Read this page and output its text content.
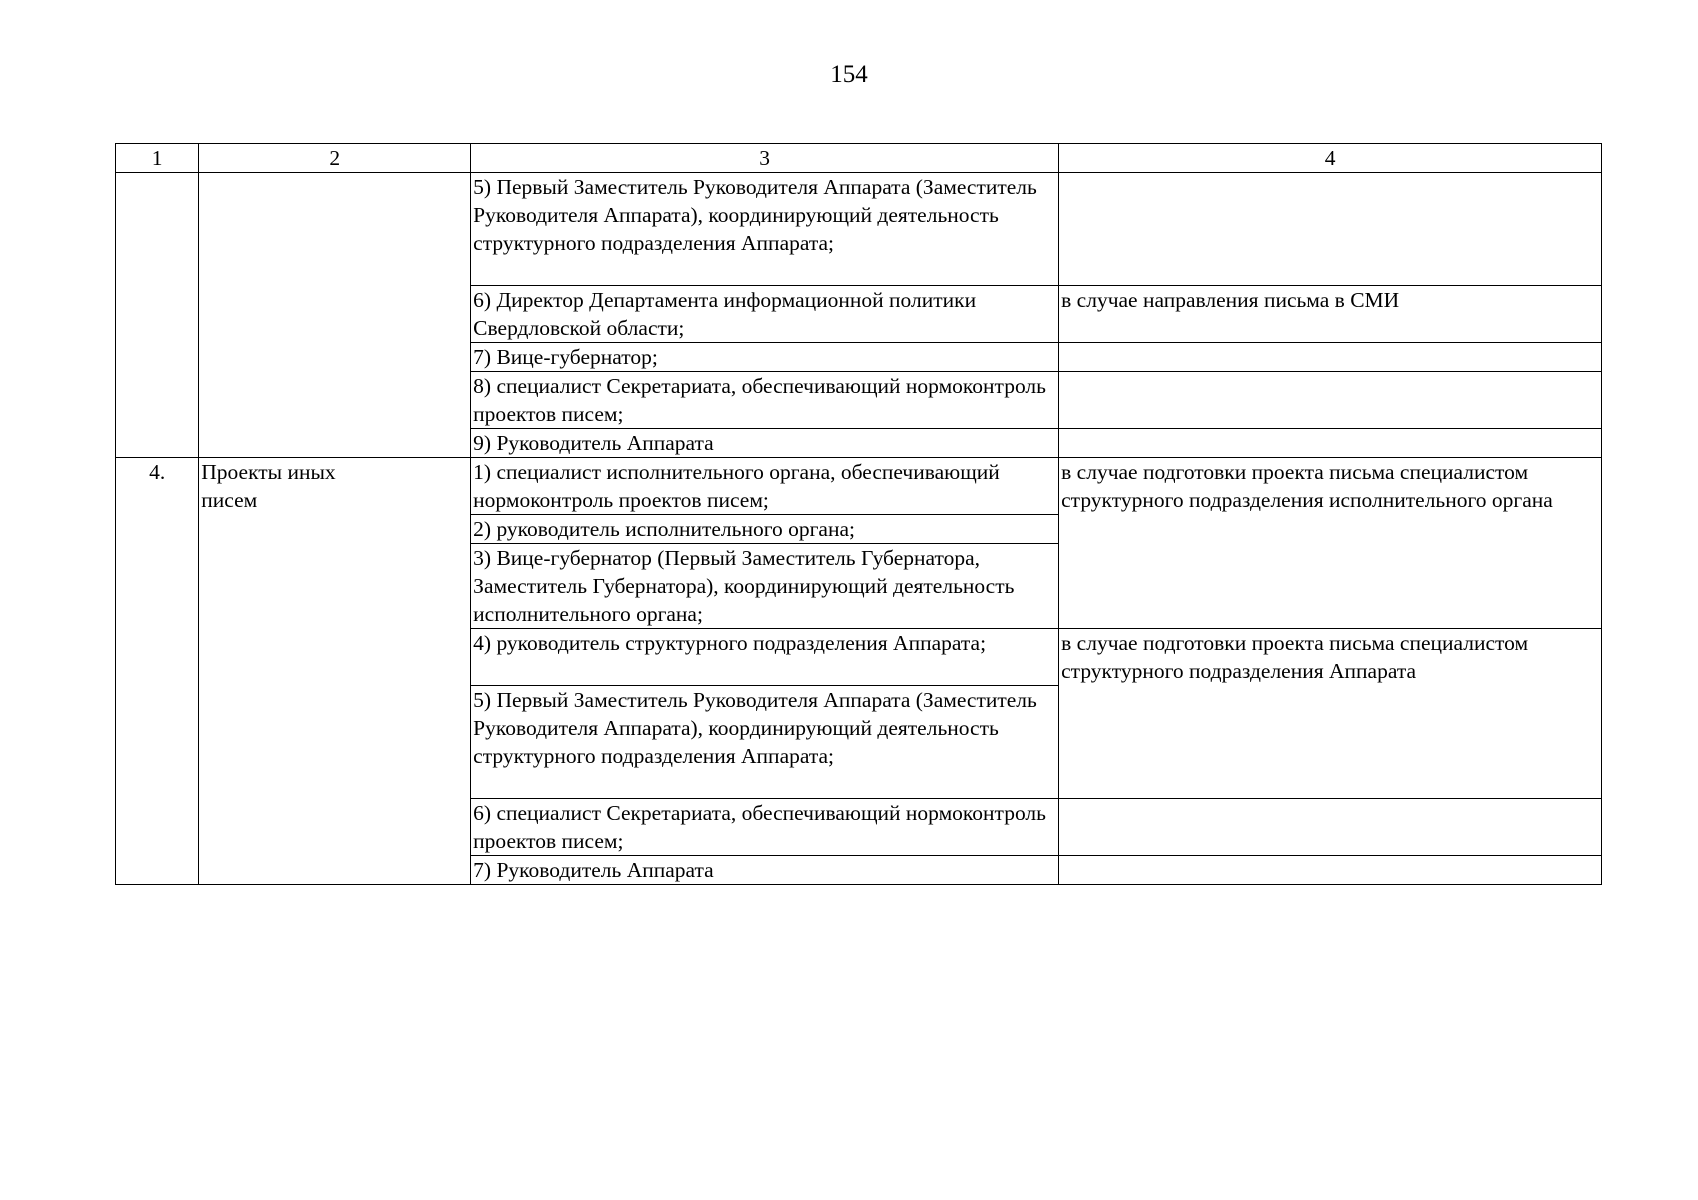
154
1	2	3	4
		5) Первый Заместитель Руководителя Аппарата (Заместитель Руководителя Аппарата), координирующий деятельность структурного подразделения Аппарата;	
		6) Директор Департамента информационной политики Свердловской области;	в случае направления письма в СМИ
		7) Вице-губернатор;	
		8) специалист Секретариата, обеспечивающий нормоконтроль проектов писем;	
		9) Руководитель Аппарата	
4.	Проекты иных писем	1) специалист исполнительного органа, обеспечивающий нормоконтроль проектов писем;	в случае подготовки проекта письма специалистом структурного подразделения исполнительного органа
		2) руководитель исполнительного органа;	
		3) Вице-губернатор (Первый Заместитель Губернатора, Заместитель Губернатора), координирующий деятельность исполнительного органа;	
		4) руководитель структурного подразделения Аппарата;	в случае подготовки проекта письма специалистом структурного подразделения Аппарата
		5) Первый Заместитель Руководителя Аппарата (Заместитель Руководителя Аппарата), координирующий деятельность структурного подразделения Аппарата;	
		6) специалист Секретариата, обеспечивающий нормоконтроль проектов писем;	
		7) Руководитель Аппарата	
